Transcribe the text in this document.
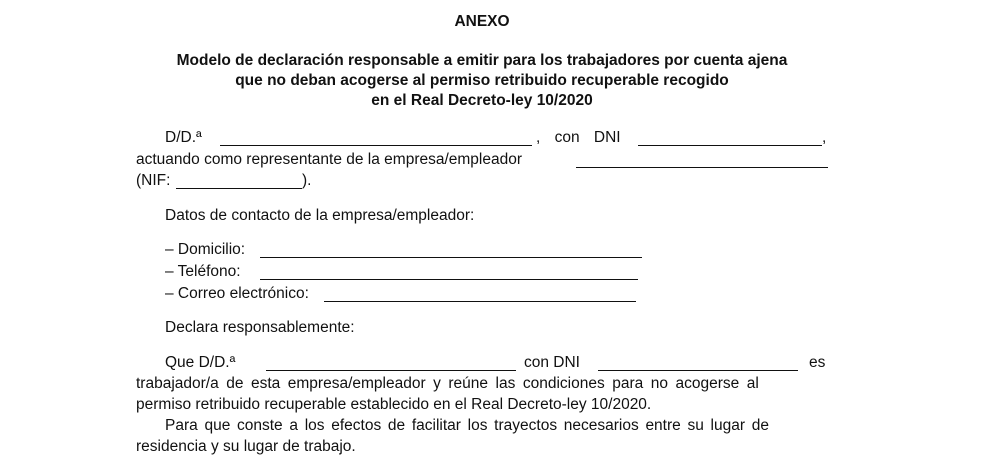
ANEXO
Modelo de declaración responsable a emitir para los trabajadores por cuenta ajena
que no deban acogerse al permiso retribuido recuperable recogido
en el Real Decreto-ley 10/2020
D/D.ª	, con DNI	,
actuando como representante de la empresa/empleador
(NIF:	).
Datos de contacto de la empresa/empleador:
– Domicilio:
– Teléfono:
– Correo electrónico:
Declara responsablemente:
Que D/D.ª	con DNI	es
trabajador/a de esta empresa/empleador y reúne las condiciones para no acogerse al
permiso retribuido recuperable establecido en el Real Decreto-ley 10/2020.
Para que conste a los efectos de facilitar los trayectos necesarios entre su lugar de
residencia y su lugar de trabajo.
